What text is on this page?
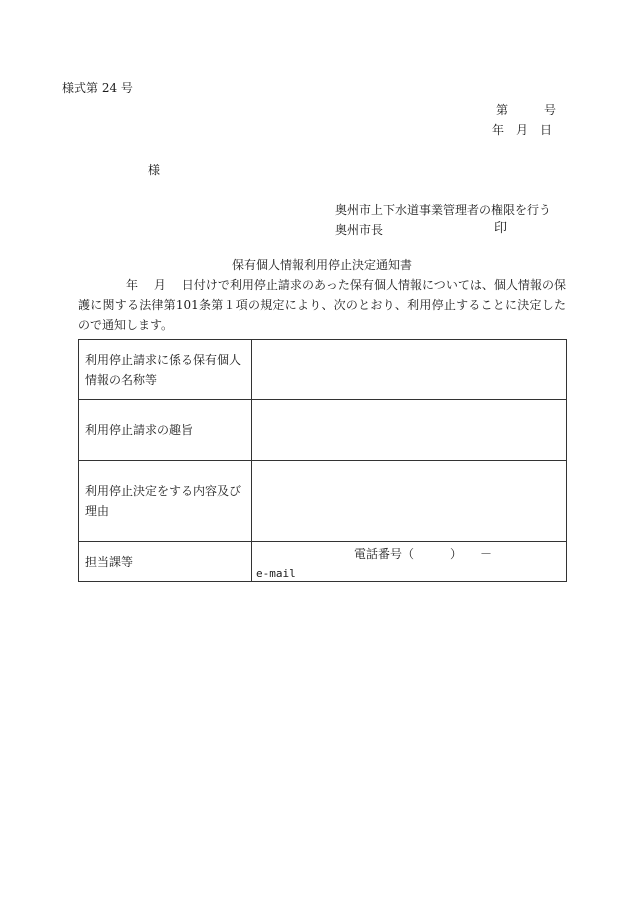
様式第 24 号
第　　　号
年　月　日
様
奥州市上下水道事業管理者の権限を行う
奥州市長	印
保有個人情報利用停止決定通知書
年　 月　 日付けで利用停止請求のあった保有個人情報については、個人情報の保護に関する法律第101条第１項の規定により、次のとおり、利用停止することに決定したので通知します。
利用停止請求に係る保有個人情報の名称等	
利用停止請求の趣旨	
利用停止決定をする内容及び理由	
担当課等	電話番号（　　　）　　－
e-mail
